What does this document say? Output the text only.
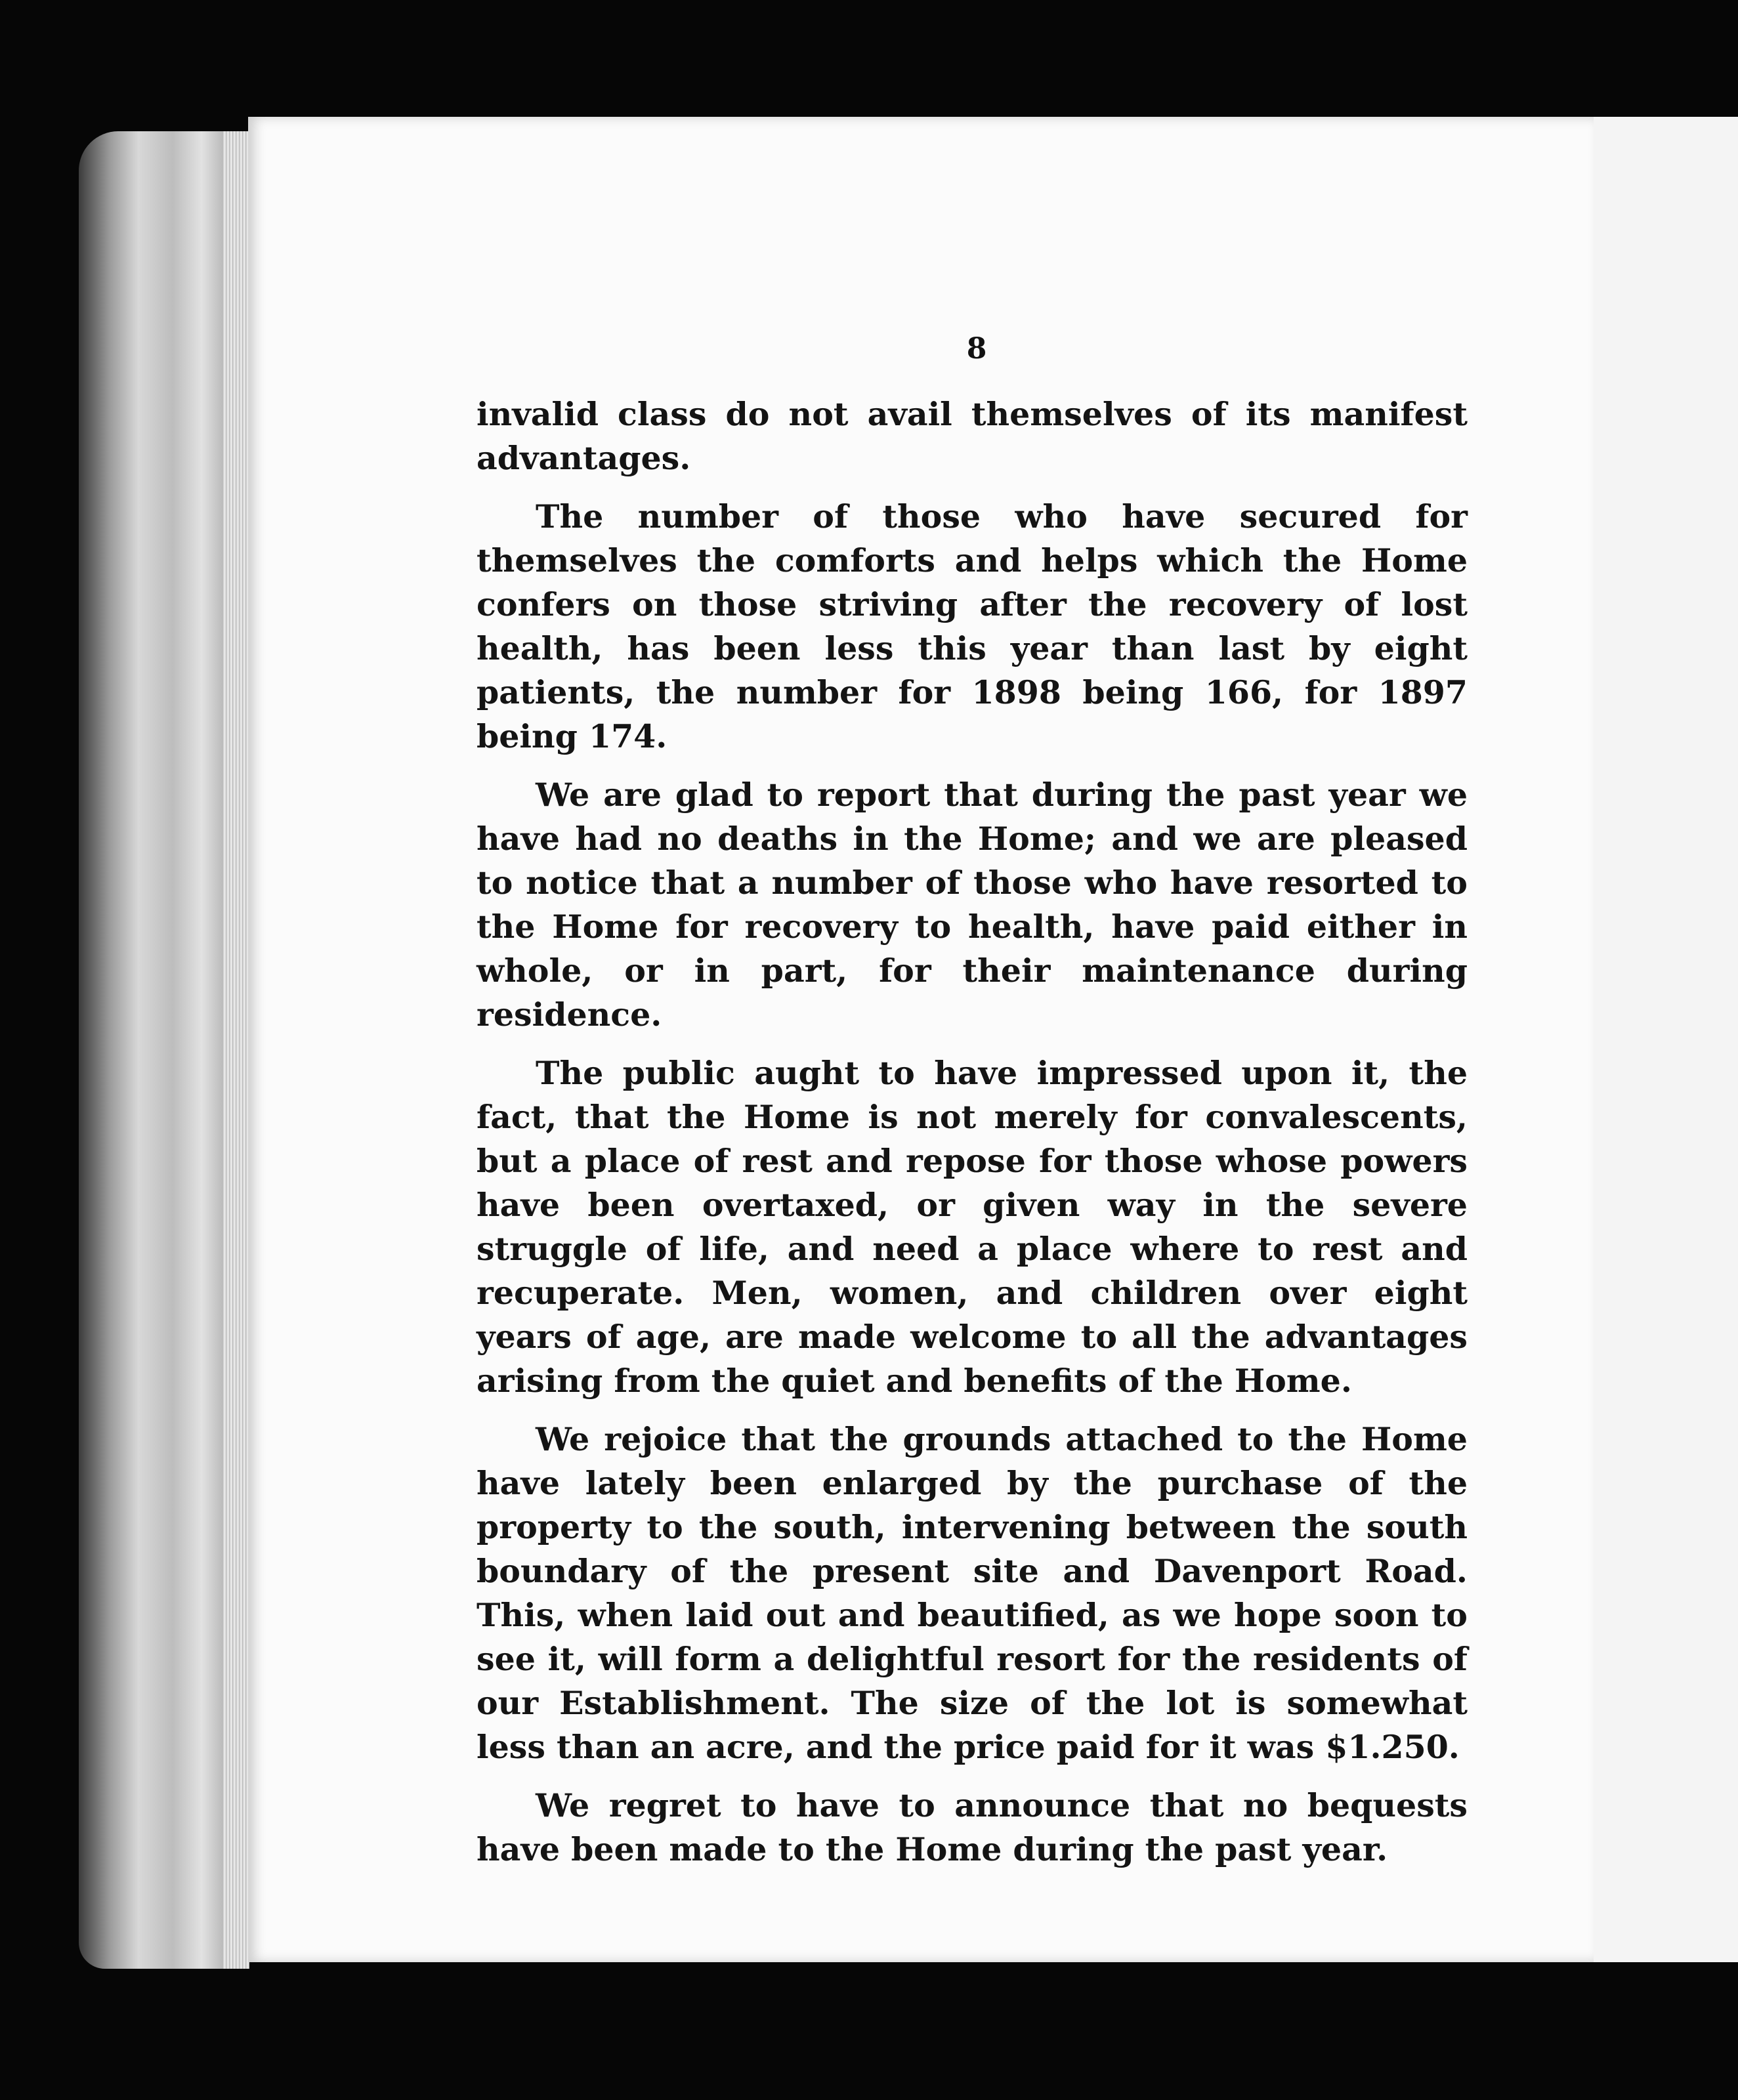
8

invalid class do not avail themselves of its manifest advantages.

The number of those who have secured for themselves the comforts and helps which the Home confers on those striving after the recovery of lost health, has been less this year than last by eight patients, the number for 1898 being 166, for 1897 being 174.

We are glad to report that during the past year we have had no deaths in the Home; and we are pleased to notice that a number of those who have resorted to the Home for recovery to health, have paid either in whole, or in part, for their maintenance during residence.

The public aught to have impressed upon it, the fact, that the Home is not merely for convalescents, but a place of rest and repose for those whose powers have been overtaxed, or given way in the severe struggle of life, and need a place where to rest and recuperate. Men, women, and children over eight years of age, are made welcome to all the advantages arising from the quiet and benefits of the Home.

We rejoice that the grounds attached to the Home have lately been enlarged by the purchase of the property to the south, intervening between the south boundary of the present site and Davenport Road. This, when laid out and beautified, as we hope soon to see it, will form a delightful resort for the residents of our Establishment. The size of the lot is somewhat less than an acre, and the price paid for it was $1.250.

We regret to have to announce that no bequests have been made to the Home during the past year.
